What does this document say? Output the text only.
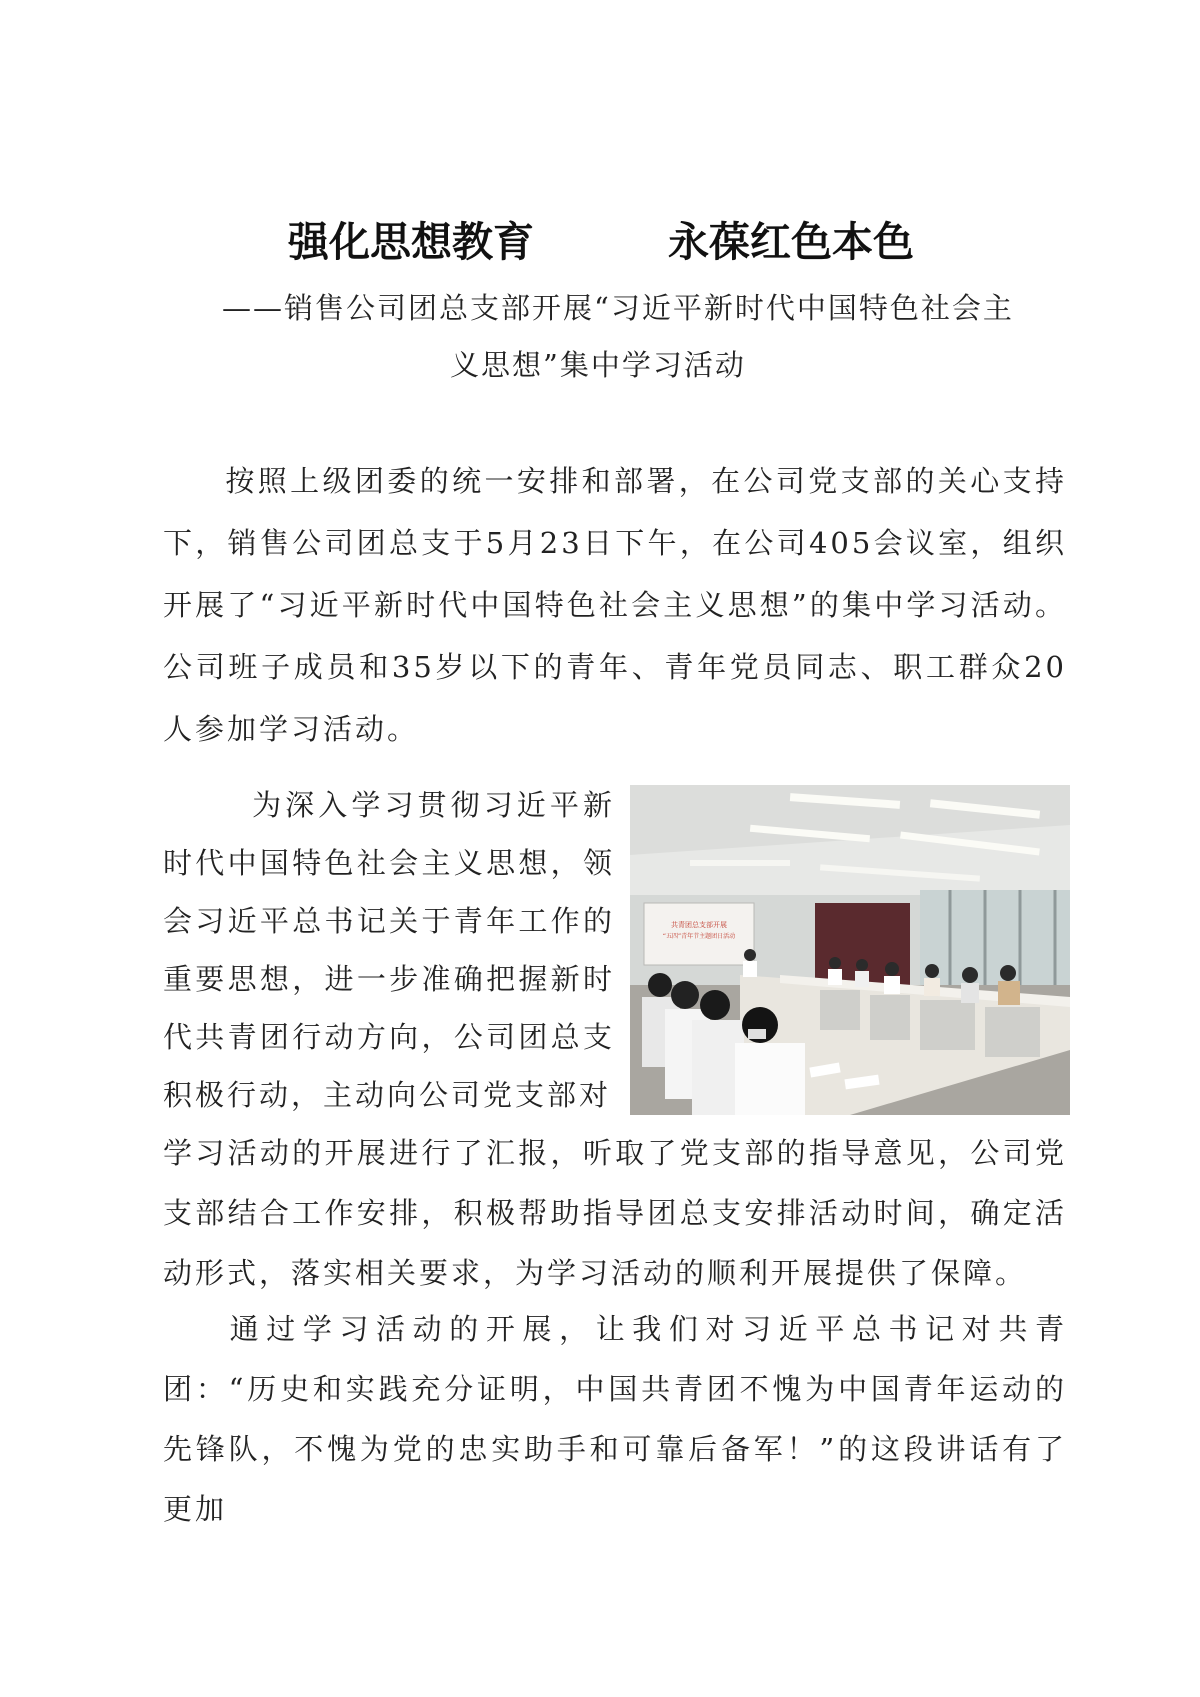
强化思想教育	永葆红色本色
——销售公司团总支部开展“习近平新时代中国特色社会主
义思想”集中学习活动
按照上级团委的统一安排和部署，在公司党支部的关心支持下，销售公司团总支于5月23日下午，在公司405会议室，组织开展了“习近平新时代中国特色社会主义思想”的集中学习活动。公司班子成员和35岁以下的青年、青年党员同志、职工群众20人参加学习活动。
为深入学习贯彻习近平新时代中国特色社会主义思想，领会习近平总书记关于青年工作的重要思想，进一步准确把握新时代共青团行动方向，公司团总支积极行动，主动向公司党支部对
共青团总支部开展
“五四”青年节主题团日活动
学习活动的开展进行了汇报，听取了党支部的指导意见，公司党支部结合工作安排，积极帮助指导团总支安排活动时间，确定活动形式，落实相关要求，为学习活动的顺利开展提供了保障。
通过学习活动的开展，让我们对习近平总书记对共青团：“历史和实践充分证明，中国共青团不愧为中国青年运动的先锋队，不愧为党的忠实助手和可靠后备军！”的这段讲话有了更加
